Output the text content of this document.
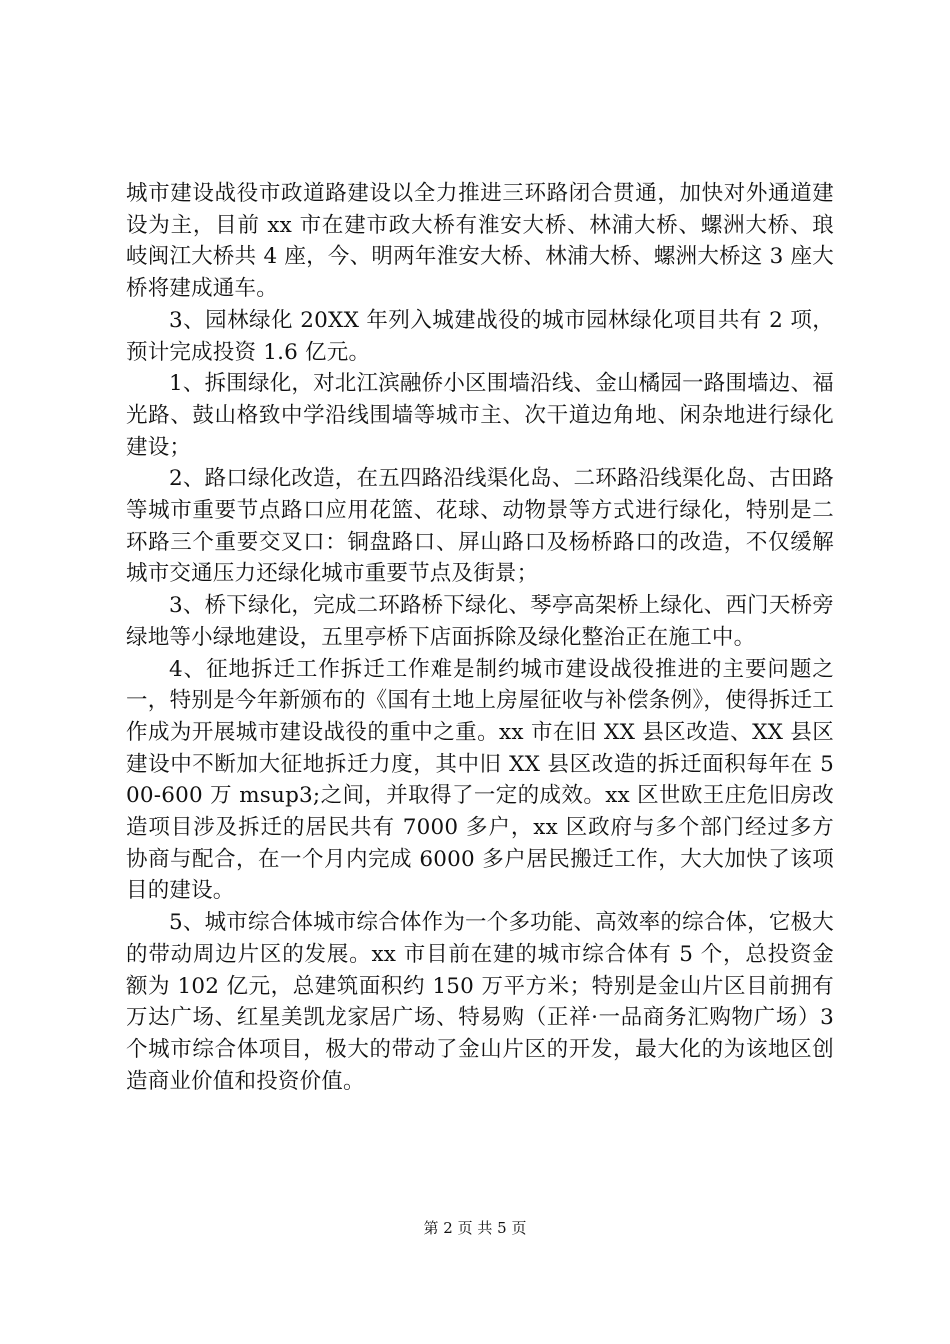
城市建设战役市政道路建设以全力推进三环路闭合贯通，加快对外通道建设为主，目前 xx 市在建市政大桥有淮安大桥、林浦大桥、螺洲大桥、琅岐闽江大桥共 4 座，今、明两年淮安大桥、林浦大桥、螺洲大桥这 3 座大桥将建成通车。

3、园林绿化 20XX 年列入城建战役的城市园林绿化项目共有 2 项，预计完成投资 1.6 亿元。

1、拆围绿化，对北江滨融侨小区围墙沿线、金山橘园一路围墙边、福光路、鼓山格致中学沿线围墙等城市主、次干道边角地、闲杂地进行绿化建设；

2、路口绿化改造，在五四路沿线渠化岛、二环路沿线渠化岛、古田路等城市重要节点路口应用花篮、花球、动物景等方式进行绿化，特别是二环路三个重要交叉口：铜盘路口、屏山路口及杨桥路口的改造，不仅缓解城市交通压力还绿化城市重要节点及街景；

3、桥下绿化，完成二环路桥下绿化、琴亭高架桥上绿化、西门天桥旁绿地等小绿地建设，五里亭桥下店面拆除及绿化整治正在施工中。

4、征地拆迁工作拆迁工作难是制约城市建设战役推进的主要问题之一，特别是今年新颁布的《国有土地上房屋征收与补偿条例》，使得拆迁工作成为开展城市建设战役的重中之重。xx 市在旧 XX 县区改造、XX 县区建设中不断加大征地拆迁力度，其中旧 XX 县区改造的拆迁面积每年在 500-600 万 msup3;之间，并取得了一定的成效。xx 区世欧王庄危旧房改造项目涉及拆迁的居民共有 7000 多户，xx 区政府与多个部门经过多方协商与配合，在一个月内完成 6000 多户居民搬迁工作，大大加快了该项目的建设。

5、城市综合体城市综合体作为一个多功能、高效率的综合体，它极大的带动周边片区的发展。xx 市目前在建的城市综合体有 5 个，总投资金额为 102 亿元，总建筑面积约 150 万平方米；特别是金山片区目前拥有万达广场、红星美凯龙家居广场、特易购（正祥·一品商务汇购物广场）3 个城市综合体项目，极大的带动了金山片区的开发，最大化的为该地区创造商业价值和投资价值。

第 2 页 共 5 页
